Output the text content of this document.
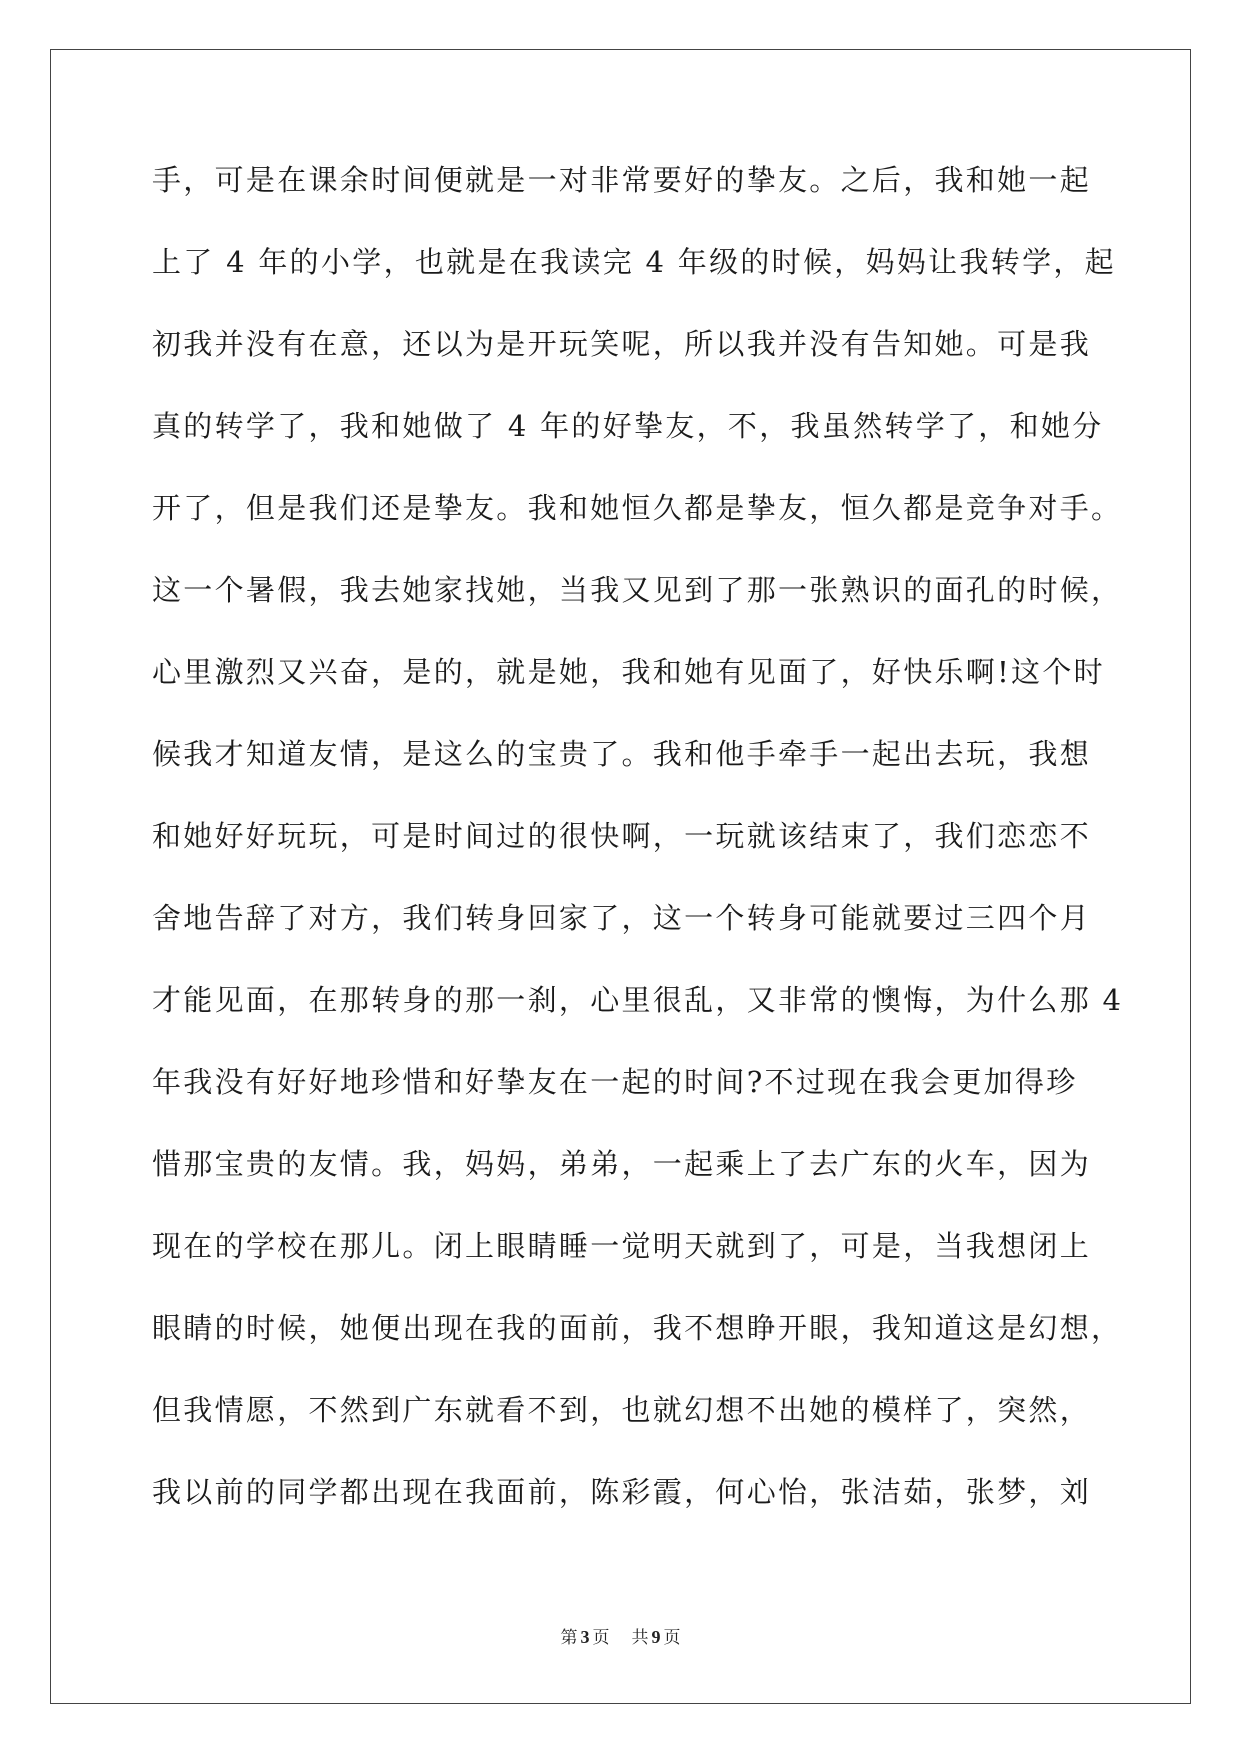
手，可是在课余时间便就是一对非常要好的挚友。之后，我和她一起
上了 4 年的小学，也就是在我读完 4 年级的时候，妈妈让我转学，起
初我并没有在意，还以为是开玩笑呢，所以我并没有告知她。可是我
真的转学了，我和她做了 4 年的好挚友，不，我虽然转学了，和她分
开了，但是我们还是挚友。我和她恒久都是挚友，恒久都是竞争对手。
这一个暑假，我去她家找她，当我又见到了那一张熟识的面孔的时候，
心里激烈又兴奋，是的，就是她，我和她有见面了，好快乐啊!这个时
候我才知道友情，是这么的宝贵了。我和他手牵手一起出去玩，我想
和她好好玩玩，可是时间过的很快啊，一玩就该结束了，我们恋恋不
舍地告辞了对方，我们转身回家了，这一个转身可能就要过三四个月
才能见面，在那转身的那一刹，心里很乱，又非常的懊悔，为什么那 4
年我没有好好地珍惜和好挚友在一起的时间?不过现在我会更加得珍
惜那宝贵的友情。我，妈妈，弟弟，一起乘上了去广东的火车，因为
现在的学校在那儿。闭上眼睛睡一觉明天就到了，可是，当我想闭上
眼睛的时候，她便出现在我的面前，我不想睁开眼，我知道这是幻想，
但我情愿，不然到广东就看不到，也就幻想不出她的模样了，突然，
我以前的同学都出现在我面前，陈彩霞，何心怡，张洁茹，张梦，刘
第 3 页 共 9 页
